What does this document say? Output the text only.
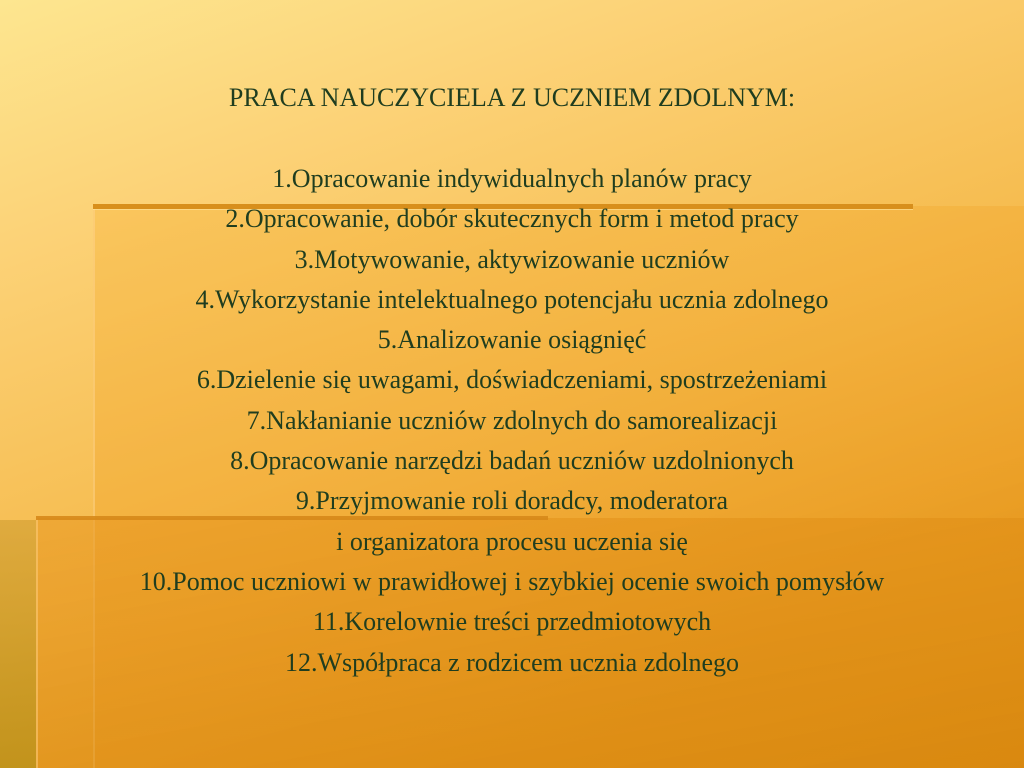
PRACA NAUCZYCIELA Z UCZNIEM ZDOLNYM:
1.Opracowanie indywidualnych planów pracy
2.Opracowanie, dobór skutecznych form i metod pracy
3.Motywowanie, aktywizowanie uczniów
4.Wykorzystanie intelektualnego potencjału ucznia zdolnego
5.Analizowanie osiągnięć
6.Dzielenie się uwagami, doświadczeniami, spostrzeżeniami
7.Nakłanianie uczniów zdolnych do samorealizacji
8.Opracowanie narzędzi badań uczniów uzdolnionych
9.Przyjmowanie roli doradcy, moderatora
i organizatora procesu uczenia się
10.Pomoc uczniowi w prawidłowej i szybkiej ocenie swoich pomysłów
11.Korelownie treści przedmiotowych
12.Współpraca z rodzicem ucznia zdolnego
